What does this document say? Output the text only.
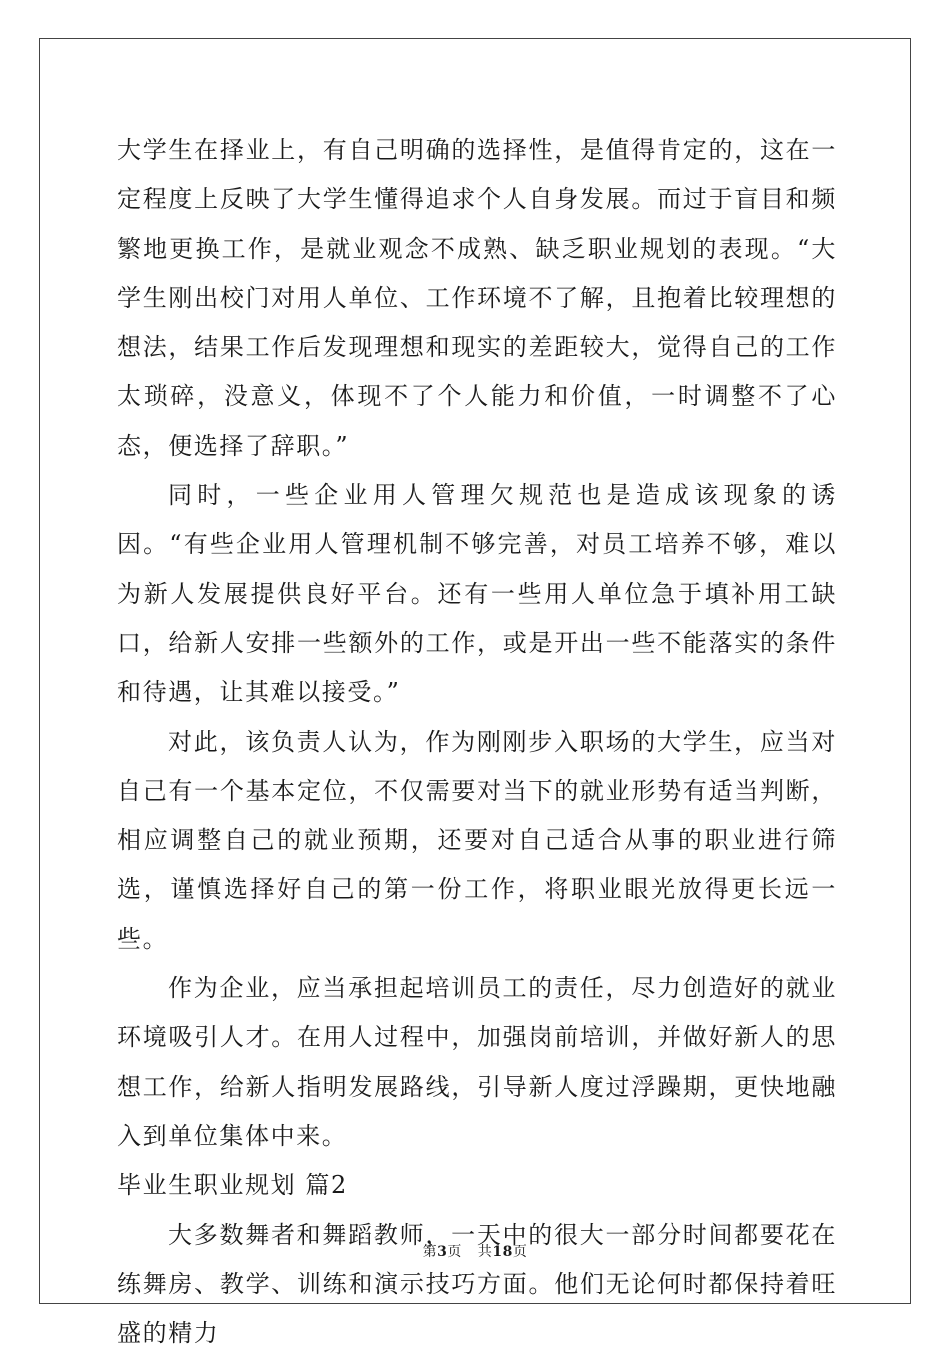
大学生在择业上，有自己明确的选择性，是值得肯定的，这在一定程度上反映了大学生懂得追求个人自身发展。而过于盲目和频繁地更换工作，是就业观念不成熟、缺乏职业规划的表现。“大学生刚出校门对用人单位、工作环境不了解，且抱着比较理想的想法，结果工作后发现理想和现实的差距较大，觉得自己的工作太琐碎，没意义，体现不了个人能力和价值，一时调整不了心态，便选择了辞职。”

同时，一些企业用人管理欠规范也是造成该现象的诱因。“有些企业用人管理机制不够完善，对员工培养不够，难以为新人发展提供良好平台。还有一些用人单位急于填补用工缺口，给新人安排一些额外的工作，或是开出一些不能落实的条件和待遇，让其难以接受。”

对此，该负责人认为，作为刚刚步入职场的大学生，应当对自己有一个基本定位，不仅需要对当下的就业形势有适当判断，相应调整自己的就业预期，还要对自己适合从事的职业进行筛选，谨慎选择好自己的第一份工作，将职业眼光放得更长远一些。

作为企业，应当承担起培训员工的责任，尽力创造好的就业环境吸引人才。在用人过程中，加强岗前培训，并做好新人的思想工作，给新人指明发展路线，引导新人度过浮躁期，更快地融入到单位集体中来。

毕业生职业规划 篇2

大多数舞者和舞蹈教师，一天中的很大一部分时间都要花在练舞房、教学、训练和演示技巧方面。他们无论何时都保持着旺盛的精力

第3页 共18页
